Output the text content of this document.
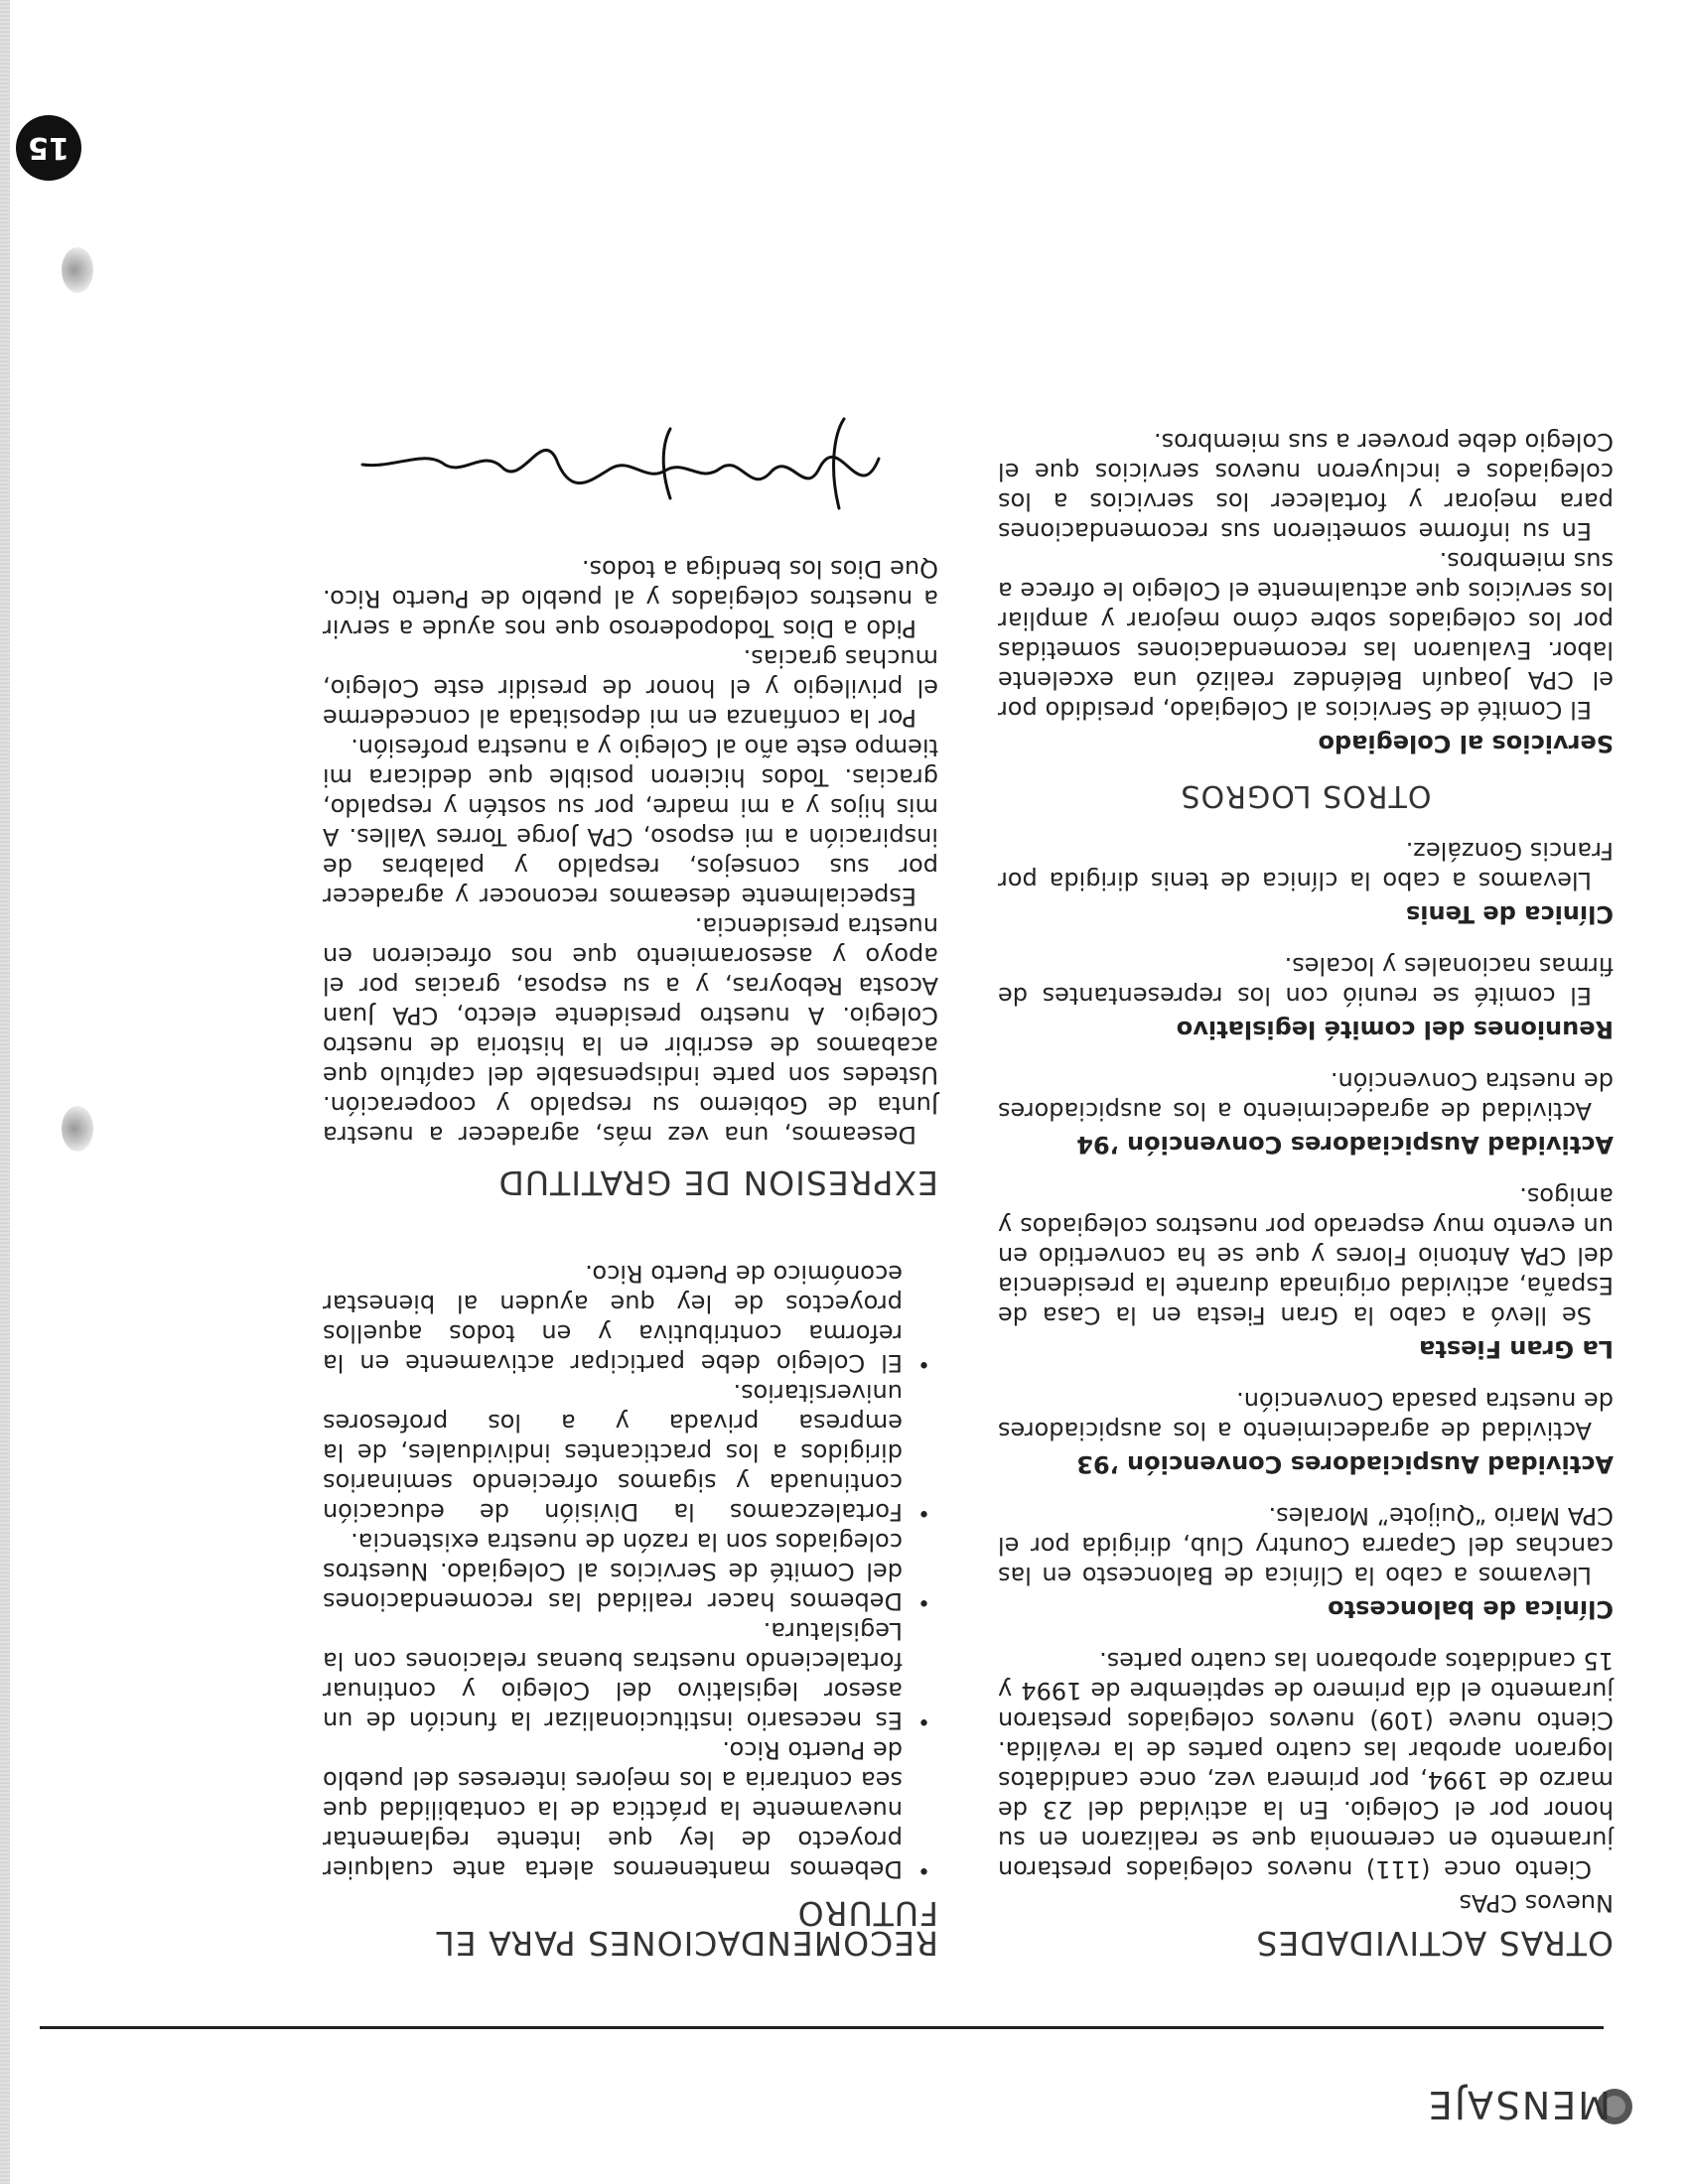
MENSAJE
OTRAS ACTIVIDADES
Nuevos CPAs

Ciento once (111) nuevos colegiados prestaron juramento en ceremonia que se realizaron en su honor por el Colegio. En la actividad del 23 de marzo de 1994, por primera vez, once candidatos lograron aprobar las cuatro partes de la reválida. Ciento nueve (109) nuevos colegiados prestaron juramento el día primero de septiembre de 1994 y 15 candidatos aprobaron las cuatro partes.

Clínica de baloncesto

Llevamos a cabo la Clínica de Baloncesto en las canchas del Caparra Country Club, dirigida por el CPA Mario “Quijote” Morales.

Actividad Auspiciadores Convención ’93

Actividad de agradecimiento a los auspiciadores de nuestra pasada Convención.

La Gran Fiesta

Se llevó a cabo la Gran Fiesta en la Casa de España, actividad originada durante la presidencia del CPA Antonio Flores y que se ha convertido en un evento muy esperado por nuestros colegiados y amigos.

Actividad Auspiciadores Convención ’94

Actividad de agradecimiento a los auspiciadores de nuestra Convención.

Reuniones del comité legislativo

El comité se reunió con los representantes de firmas nacionales y locales.

Clínica de Tenis

Llevamos a cabo la clínica de tenis dirigida por Francis González.

OTROS LOGROS
Servicios al Colegiado

El Comité de Servicios al Colegiado, presidido por el CPA Joaquín Beléndez realizó una excelente labor. Evaluaron las recomendaciones sometidas por los colegiados sobre cómo mejorar y ampliar los servicios que actualmente el Colegio le ofrece a sus miembros.

En su informe sometieron sus recomendaciones para mejorar y fortalecer los servicios a los colegiados e incluyeron nuevos servicios que el Colegio debe proveer a sus miembros.

RECOMENDACIONES PARA EL FUTURO
• Debemos mantenernos alerta ante cualquier proyecto de ley que intente reglamentar nuevamente la práctica de la contabilidad que sea contraria a los mejores intereses del pueblo de Puerto Rico.
• Es necesario institucionalizar la función de un asesor legislativo del Colegio y continuar fortaleciendo nuestras buenas relaciones con la Legislatura.
• Debemos hacer realidad las recomendaciones del Comité de Servicios al Colegiado. Nuestros colegiados son la razón de nuestra existencia.
• Fortalezcamos la División de educación continuada y sigamos ofreciendo seminarios dirigidos a los practicantes individuales, de la empresa privada y a los profesores universitarios.
• El Colegio debe participar activamente en la reforma contributiva y en todos aquellos proyectos de ley que ayuden al bienestar económico de Puerto Rico.
EXPRESION DE GRATITUD

Deseamos, una vez más, agradecer a nuestra Junta de Gobierno su respaldo y cooperación. Ustedes son parte indispensable del capítulo que acabamos de escribir en la historia de nuestro Colegio. A nuestro presidente electo, CPA Juan Acosta Reboyras, y a su esposa, gracias por el apoyo y asesoramiento que nos ofrecieron en nuestra presidencia.

Especialmente deseamos reconocer y agradecer por sus consejos, respaldo y palabras de inspiración a mi esposo, CPA Jorge Torres Valles. A mis hijos y a mi madre, por su sostén y respaldo, gracias. Todos hicieron posible que dedicara mi tiempo este año al Colegio y a nuestra profesión.

Por la confianza en mi depositada al concederme el privilegio y el honor de presidir este Colegio, muchas gracias.

Pido a Dios Todopoderoso que nos ayude a servir a nuestros colegiados y al pueblo de Puerto Rico. Que Dios los bendiga a todos.

15
